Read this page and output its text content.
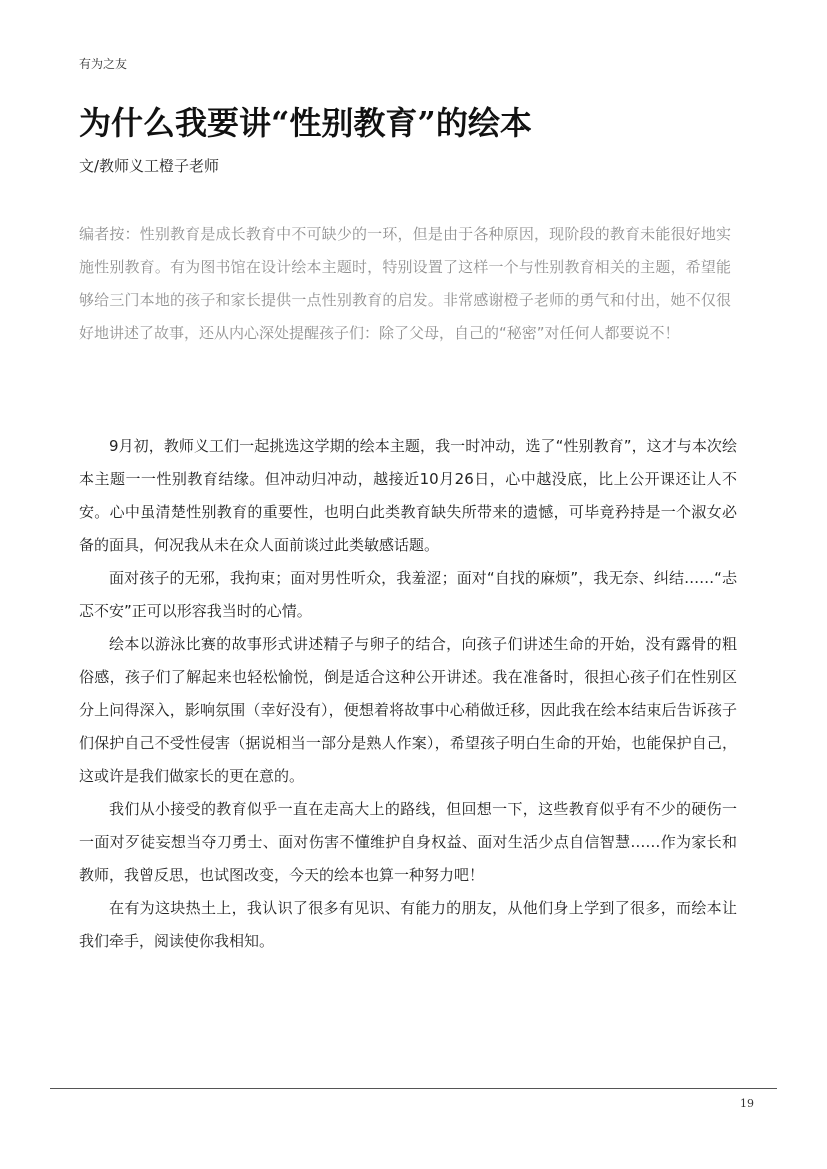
有为之友
为什么我要讲“性别教育”的绘本
文/教师义工橙子老师

编者按：性别教育是成长教育中不可缺少的一环，但是由于各种原因，现阶段的教育未能很好地实施性别教育。有为图书馆在设计绘本主题时，特别设置了这样一个与性别教育相关的主题，希望能够给三门本地的孩子和家长提供一点性别教育的启发。非常感谢橙子老师的勇气和付出，她不仅很好地讲述了故事，还从内心深处提醒孩子们：除了父母，自己的“秘密”对任何人都要说不！

9月初，教师义工们一起挑选这学期的绘本主题，我一时冲动，选了“性别教育”，这才与本次绘本主题一一性别教育结缘。但冲动归冲动，越接近10月26日，心中越没底，比上公开课还让人不安。心中虽清楚性别教育的重要性，也明白此类教育缺失所带来的遗憾，可毕竟矜持是一个淑女必备的面具，何况我从未在众人面前谈过此类敏感话题。

面对孩子的无邪，我拘束；面对男性听众，我羞涩；面对“自找的麻烦”，我无奈、纠结……“忐忑不安”正可以形容我当时的心情。

绘本以游泳比赛的故事形式讲述精子与卵子的结合，向孩子们讲述生命的开始，没有露骨的粗俗感，孩子们了解起来也轻松愉悦，倒是适合这种公开讲述。我在准备时，很担心孩子们在性别区分上问得深入，影响氛围（幸好没有），便想着将故事中心稍做迁移，因此我在绘本结束后告诉孩子们保护自己不受性侵害（据说相当一部分是熟人作案），希望孩子明白生命的开始，也能保护自己，这或许是我们做家长的更在意的。

我们从小接受的教育似乎一直在走高大上的路线，但回想一下，这些教育似乎有不少的硬伤一一面对歹徒妄想当夺刀勇士、面对伤害不懂维护自身权益、面对生活少点自信智慧……作为家长和教师，我曾反思，也试图改变，今天的绘本也算一种努力吧！

在有为这块热土上，我认识了很多有见识、有能力的朋友，从他们身上学到了很多，而绘本让我们牵手，阅读使你我相知。

19
